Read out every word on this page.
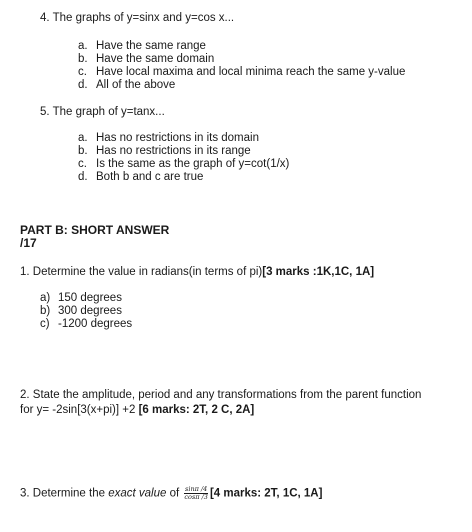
4. The graphs of y=sinx and y=cos x...
a. Have the same range
b. Have the same domain
c. Have local maxima and local minima reach the same y-value
d. All of the above
5. The graph of y=tanx...
a. Has no restrictions in its domain
b. Has no restrictions in its range
c. Is the same as the graph of y=cot(1/x)
d. Both b and c are true
PART B: SHORT ANSWER
/17
1. Determine the value in radians(in terms of pi)[3 marks :1K,1C, 1A]
a) 150 degrees
b) 300 degrees
c) -1200 degrees
2. State the amplitude, period and any transformations from the parent function
for y= -2sin[3(x+pi)] +2 [6 marks: 2T, 2 C, 2A]
3. Determine the exact value of $\frac{\sin\pi /4}{\cos\pi /3} [4$ marks: 2T, 1C, 1A]
